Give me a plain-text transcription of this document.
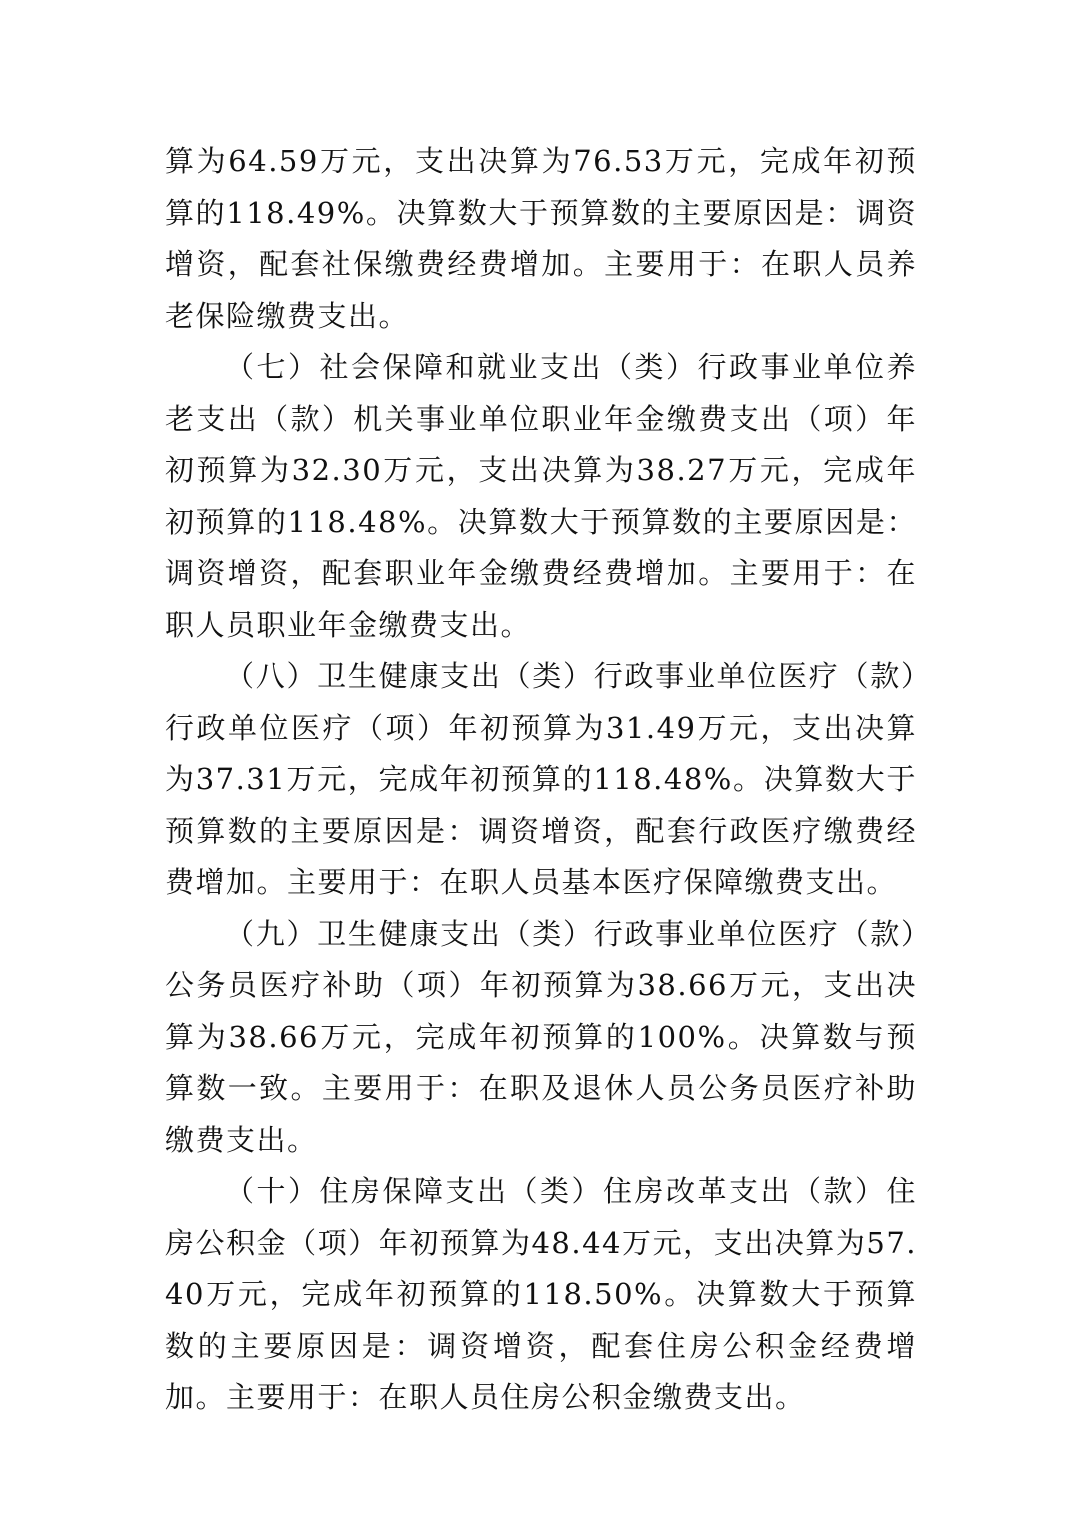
算为64.59万元，支出决算为76.53万元，完成年初预算的118.49%。决算数大于预算数的主要原因是：调资增资，配套社保缴费经费增加。主要用于：在职人员养老保险缴费支出。

（七）社会保障和就业支出（类）行政事业单位养老支出（款）机关事业单位职业年金缴费支出（项）年初预算为32.30万元，支出决算为38.27万元，完成年初预算的118.48%。决算数大于预算数的主要原因是：调资增资，配套职业年金缴费经费增加。主要用于：在职人员职业年金缴费支出。

（八）卫生健康支出（类）行政事业单位医疗（款）行政单位医疗（项）年初预算为31.49万元，支出决算为37.31万元，完成年初预算的118.48%。决算数大于预算数的主要原因是：调资增资，配套行政医疗缴费经费增加。主要用于：在职人员基本医疗保障缴费支出。

（九）卫生健康支出（类）行政事业单位医疗（款）公务员医疗补助（项）年初预算为38.66万元，支出决算为38.66万元，完成年初预算的100%。决算数与预算数一致。主要用于：在职及退休人员公务员医疗补助缴费支出。

（十）住房保障支出（类）住房改革支出（款）住房公积金（项）年初预算为48.44万元，支出决算为57.40万元，完成年初预算的118.50%。决算数大于预算数的主要原因是：调资增资，配套住房公积金经费增加。主要用于：在职人员住房公积金缴费支出。
